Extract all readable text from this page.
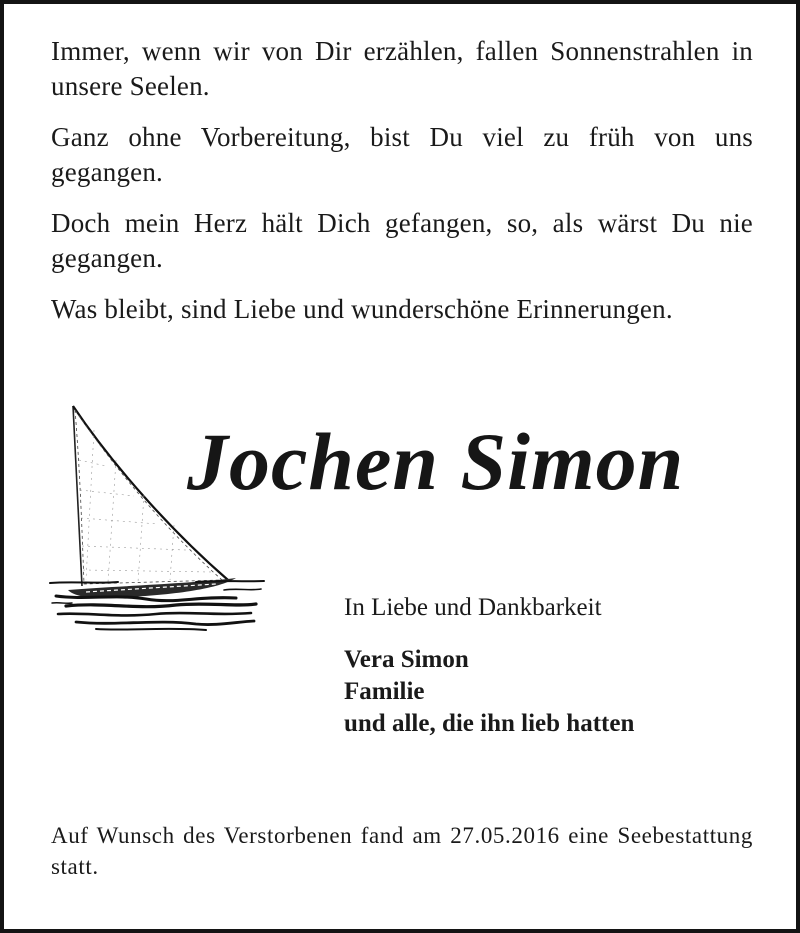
Immer, wenn wir von Dir erzählen, fallen Sonnenstrahlen in unsere Seelen.

Ganz ohne Vorbereitung, bist Du viel zu früh von uns gegangen.

Doch mein Herz hält Dich gefangen, so, als wärst Du nie gegangen.

Was bleibt, sind Liebe und wunderschöne Erinnerungen.

Jochen Simon
In Liebe und Dankbarkeit
Vera Simon
Familie
und alle, die ihn lieb hatten
Auf Wunsch des Verstorbenen fand am 27.05.2016 eine Seebestattung statt.
